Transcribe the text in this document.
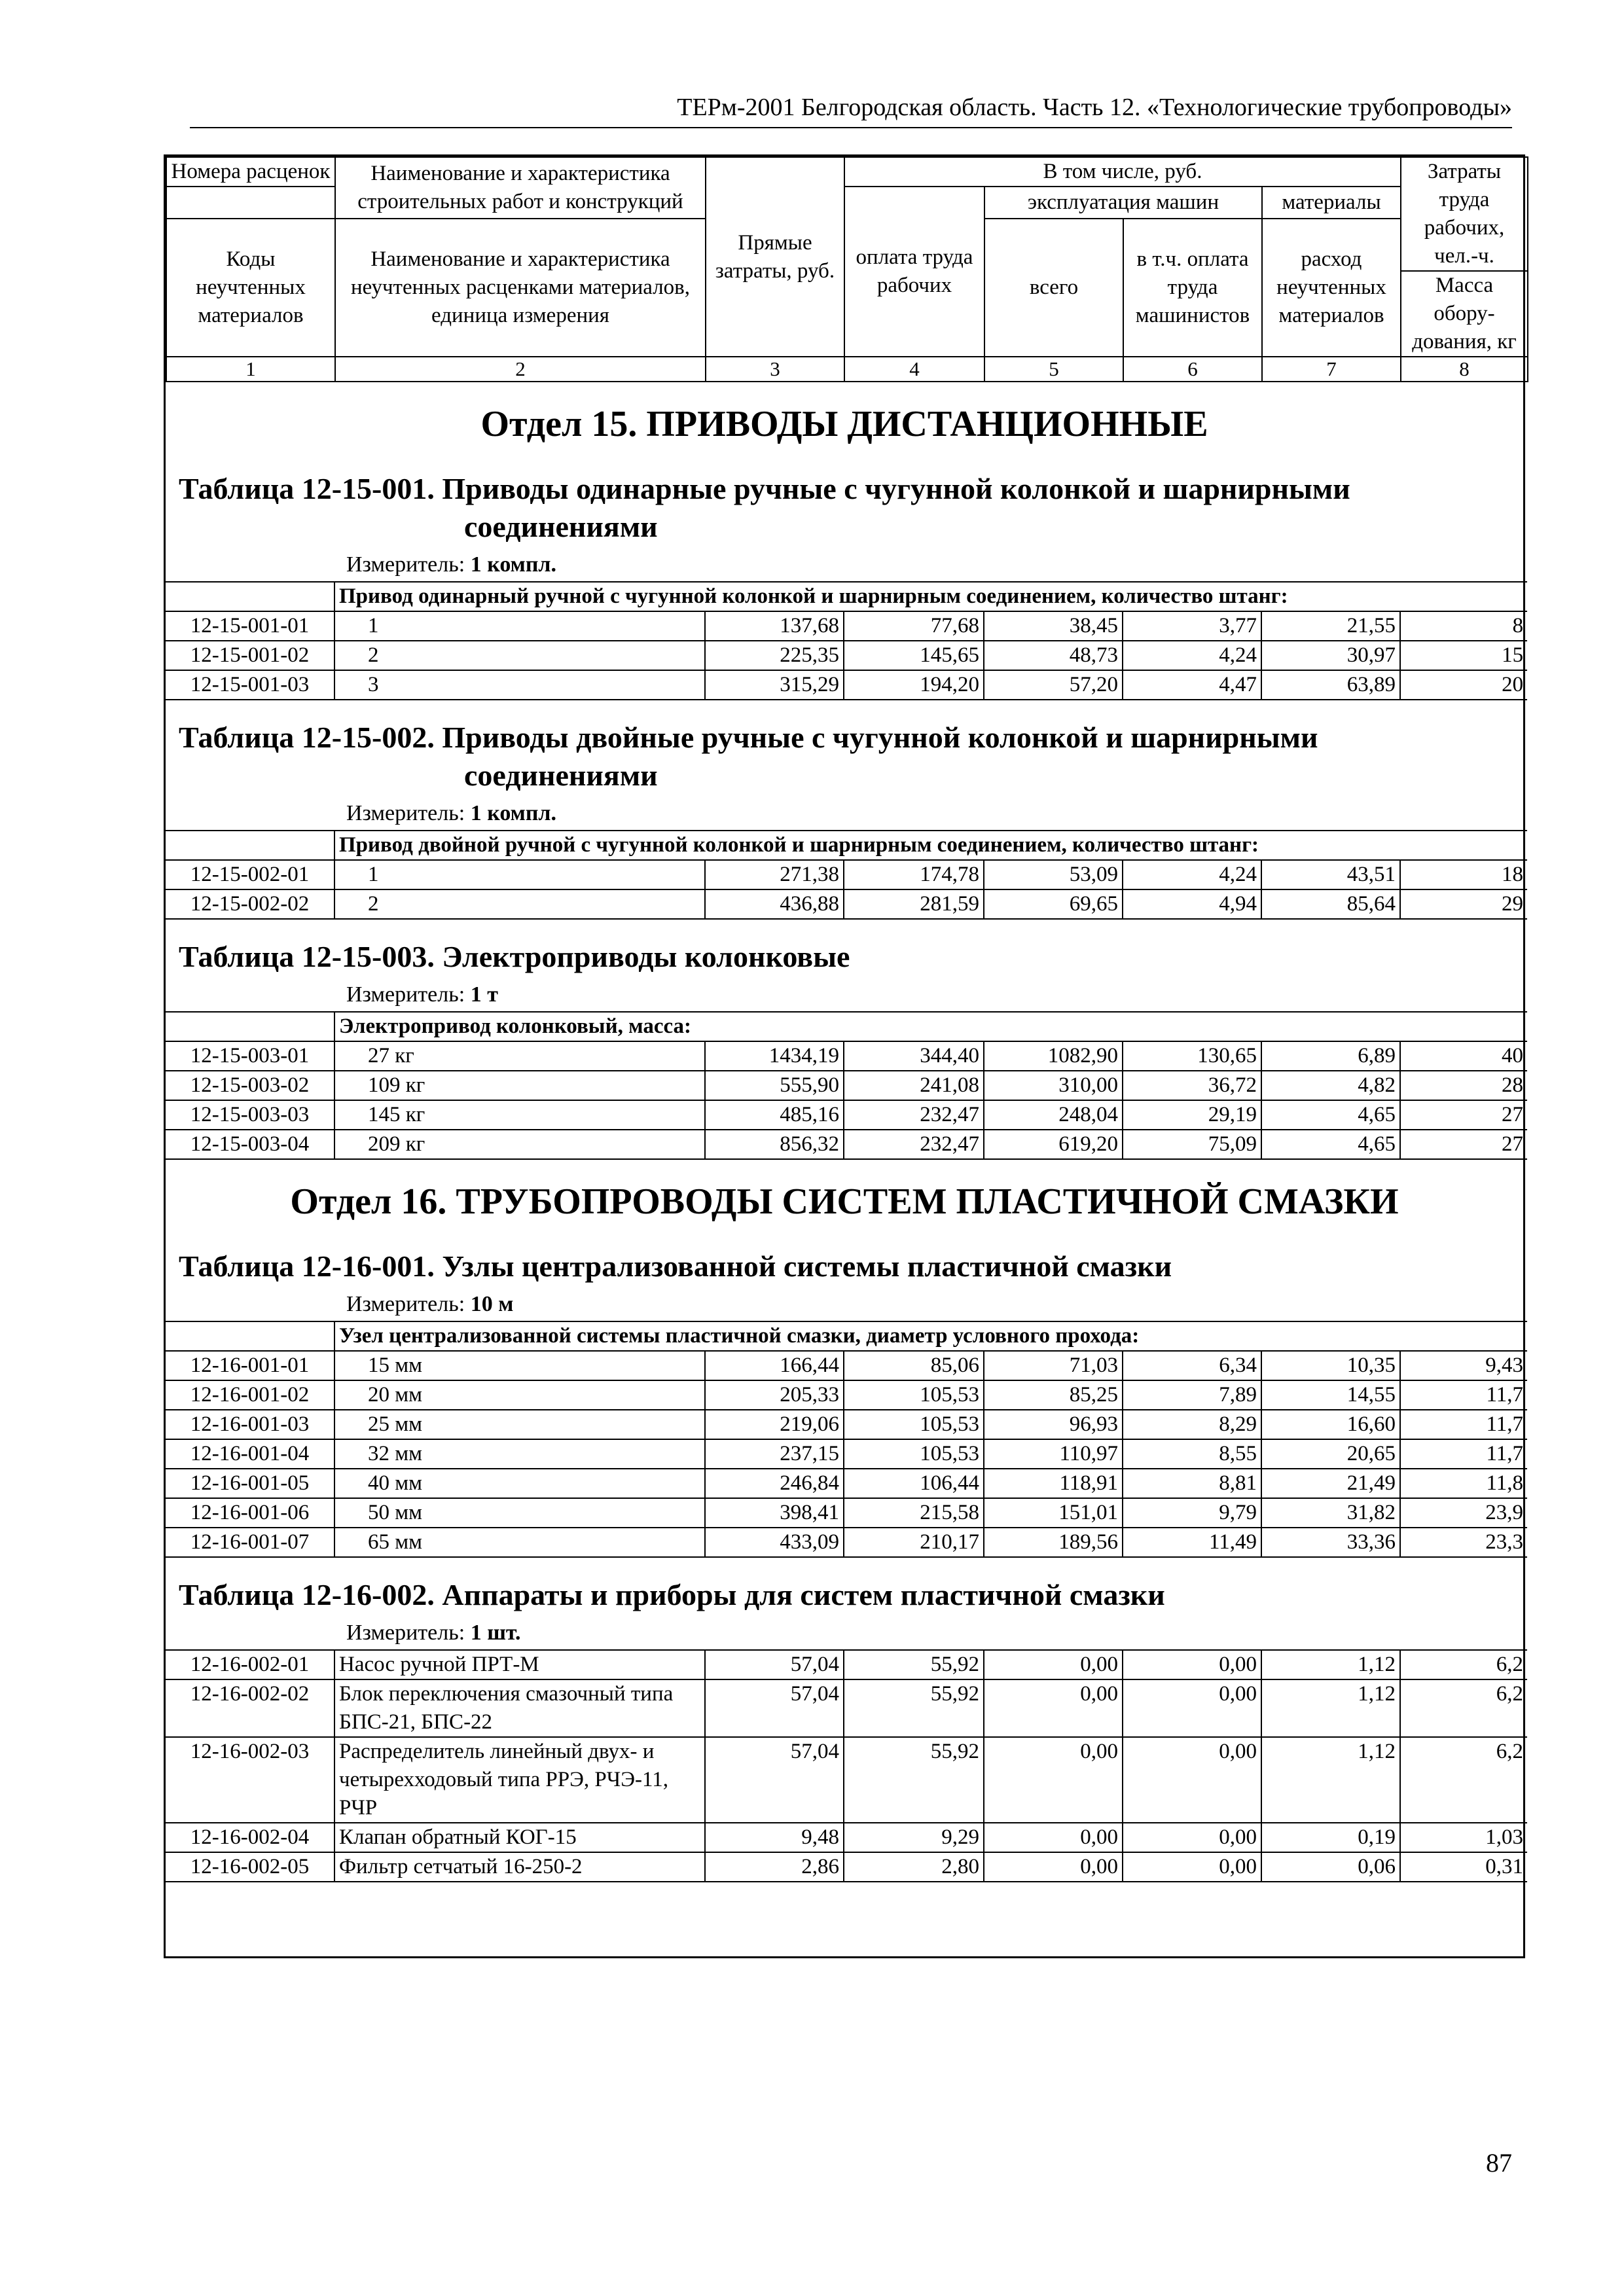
ТЕРм-2001 Белгородская область. Часть 12. «Технологические трубопроводы»
Номера расценок	Наименование и характеристика строительных работ и конструкций	Прямые затраты, руб.	В том числе, руб.				Затраты труда рабочих, чел.-ч.
			оплата труда рабочих	эксплуатация машин		материалы	
Коды неучтенных материалов	Наименование и характеристика неучтенных расценками материалов, единица измерения			всего	в т.ч. оплата труда машинистов	расход неучтенных материалов	
							Масса обору-дования, кг
1	2	3	4	5	6	7	8
Отдел 15. ПРИВОДЫ ДИСТАНЦИОННЫЕ
Таблица 12-15-001. Приводы одинарные ручные с чугунной колонкой и шарнирными
соединениями
Измеритель: 1 компл.
	Привод одинарный ручной с чугунной колонкой и шарнирным соединением, количество штанг:						
12-15-001-01	1	137,68	77,68	38,45	3,77	21,55	8
12-15-001-02	2	225,35	145,65	48,73	4,24	30,97	15
12-15-001-03	3	315,29	194,20	57,20	4,47	63,89	20
Таблица 12-15-002. Приводы двойные ручные с чугунной колонкой и шарнирными
соединениями
Измеритель: 1 компл.
	Привод двойной ручной с чугунной колонкой и шарнирным соединением, количество штанг:						
12-15-002-01	1	271,38	174,78	53,09	4,24	43,51	18
12-15-002-02	2	436,88	281,59	69,65	4,94	85,64	29
Таблица 12-15-003. Электроприводы колонковые
Измеритель: 1 т
	Электропривод колонковый, масса:						
12-15-003-01	27 кг	1434,19	344,40	1082,90	130,65	6,89	40
12-15-003-02	109 кг	555,90	241,08	310,00	36,72	4,82	28
12-15-003-03	145 кг	485,16	232,47	248,04	29,19	4,65	27
12-15-003-04	209 кг	856,32	232,47	619,20	75,09	4,65	27
Отдел 16. ТРУБОПРОВОДЫ СИСТЕМ ПЛАСТИЧНОЙ СМАЗКИ
Таблица 12-16-001. Узлы централизованной системы пластичной смазки
Измеритель: 10 м
	Узел централизованной системы пластичной смазки, диаметр условного прохода:						
12-16-001-01	15 мм	166,44	85,06	71,03	6,34	10,35	9,43
12-16-001-02	20 мм	205,33	105,53	85,25	7,89	14,55	11,7
12-16-001-03	25 мм	219,06	105,53	96,93	8,29	16,60	11,7
12-16-001-04	32 мм	237,15	105,53	110,97	8,55	20,65	11,7
12-16-001-05	40 мм	246,84	106,44	118,91	8,81	21,49	11,8
12-16-001-06	50 мм	398,41	215,58	151,01	9,79	31,82	23,9
12-16-001-07	65 мм	433,09	210,17	189,56	11,49	33,36	23,3
Таблица 12-16-002. Аппараты и приборы для систем пластичной смазки
Измеритель: 1 шт.
12-16-002-01	Насос ручной ПРТ-М	57,04	55,92	0,00	0,00	1,12	6,2
12-16-002-02	Блок переключения смазочный типа БПС-21, БПС-22	57,04	55,92	0,00	0,00	1,12	6,2
12-16-002-03	Распределитель линейный двух- и четырехходовый типа РРЭ, РЧЭ-11, РЧР	57,04	55,92	0,00	0,00	1,12	6,2
12-16-002-04	Клапан обратный КОГ-15	9,48	9,29	0,00	0,00	0,19	1,03
12-16-002-05	Фильтр сетчатый 16-250-2	2,86	2,80	0,00	0,00	0,06	0,31
87
